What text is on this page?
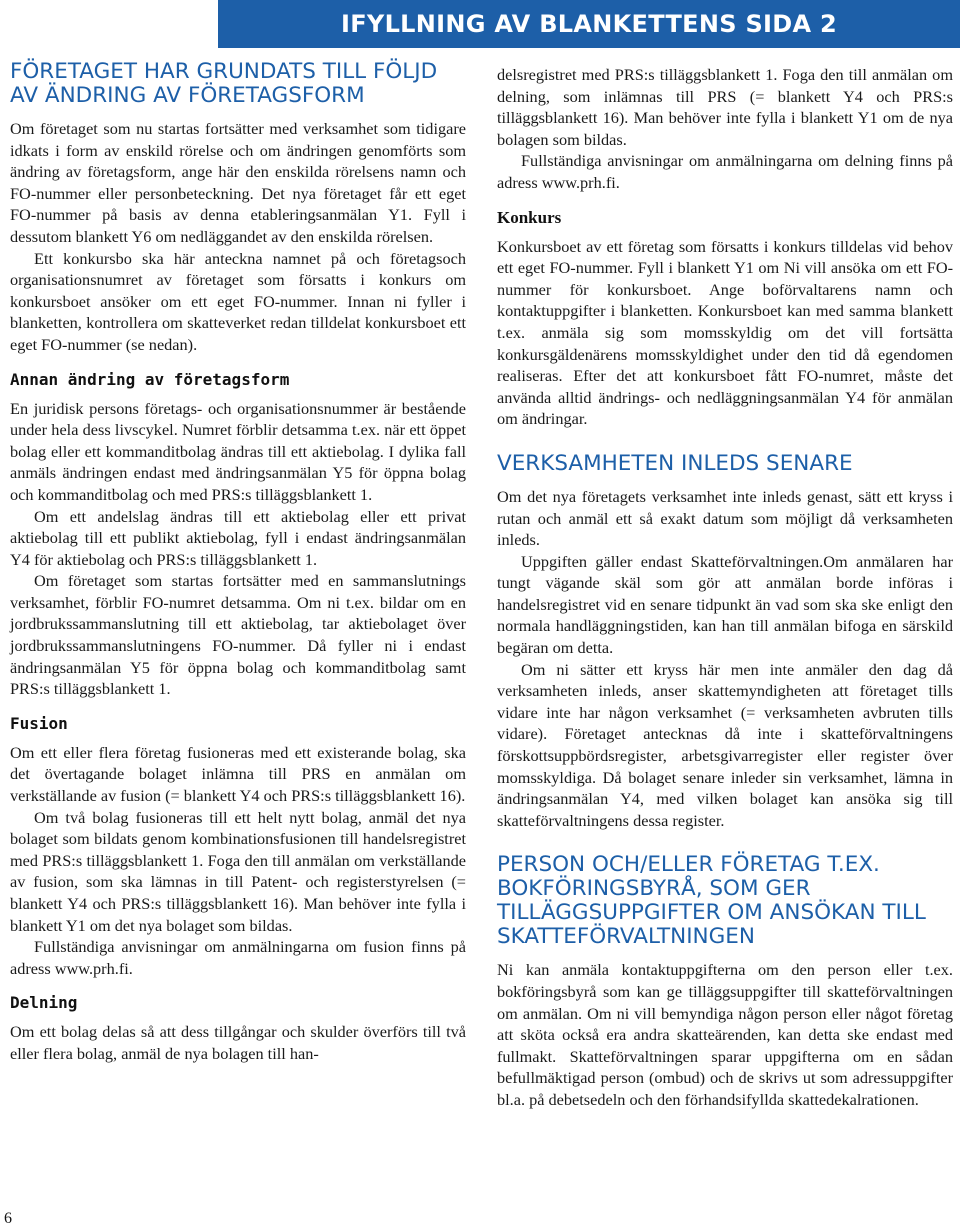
IFYLLNING AV BLANKETTENS SIDA 2
FÖRETAGET HAR GRUNDATS TILL FÖLJD AV ÄNDRING AV FÖRETAGSFORM

Om företaget som nu startas fortsätter med verksamhet som tidigare idkats i form av enskild rörelse och om ändringen genomförts som ändring av företagsform, ange här den enskilda rörelsens namn och FO-nummer eller personbeteckning. Det nya företaget får ett eget FO-nummer på basis av denna etableringsanmälan Y1. Fyll i dessutom blankett Y6 om nedläggandet av den enskilda rörelsen.

Ett konkursbo ska här anteckna namnet på och företagsoch organisationsnumret av företaget som försatts i konkurs om konkursboet ansöker om ett eget FO-nummer. Innan ni fyller i blanketten, kontrollera om skatteverket redan tilldelat konkursboet ett eget FO-nummer (se nedan).

Annan ändring av företagsform

En juridisk persons företags- och organisationsnummer är bestående under hela dess livscykel. Numret förblir detsamma t.ex. när ett öppet bolag eller ett kommanditbolag ändras till ett aktiebolag. I dylika fall anmäls ändringen endast med ändringsanmälan Y5 för öppna bolag och kommanditbolag och med PRS:s tilläggsblankett 1.

Om ett andelslag ändras till ett aktiebolag eller ett privat aktiebolag till ett publikt aktiebolag, fyll i endast ändringsanmälan Y4 för aktiebolag och PRS:s tilläggsblankett 1.

Om företaget som startas fortsätter med en sammanslutnings verksamhet, förblir FO-numret detsamma. Om ni t.ex. bildar om en jordbrukssammanslutning till ett aktiebolag, tar aktiebolaget över jordbrukssammanslutningens FO-nummer. Då fyller ni i endast ändringsanmälan Y5 för öppna bolag och kommanditbolag samt PRS:s tilläggsblankett 1.

Fusion

Om ett eller flera företag fusioneras med ett existerande bolag, ska det övertagande bolaget inlämna till PRS en anmälan om verkställande av fusion (= blankett Y4 och PRS:s tilläggsblankett 16).

Om två bolag fusioneras till ett helt nytt bolag, anmäl det nya bolaget som bildats genom kombinationsfusionen till handelsregistret med PRS:s tilläggsblankett 1. Foga den till anmälan om verkställande av fusion, som ska lämnas in till Patent- och registerstyrelsen (= blankett Y4 och PRS:s tilläggsblankett 16). Man behöver inte fylla i blankett Y1 om det nya bolaget som bildas.

Fullständiga anvisningar om anmälningarna om fusion finns på adress www.prh.fi.

Delning

Om ett bolag delas så att dess tillgångar och skulder överförs till två eller flera bolag, anmäl de nya bolagen till han-

delsregistret med PRS:s tilläggsblankett 1. Foga den till anmälan om delning, som inlämnas till PRS (= blankett Y4 och PRS:s tilläggsblankett 16). Man behöver inte fylla i blankett Y1 om de nya bolagen som bildas.

Fullständiga anvisningar om anmälningarna om delning finns på adress www.prh.fi.

Konkurs

Konkursboet av ett företag som försatts i konkurs tilldelas vid behov ett eget FO-nummer. Fyll i blankett Y1 om Ni vill ansöka om ett FO-nummer för konkursboet. Ange boförvaltarens namn och kontaktuppgifter i blanketten. Konkursboet kan med samma blankett t.ex. anmäla sig som momsskyldig om det vill fortsätta konkursgäldenärens momsskyldighet under den tid då egendomen realiseras. Efter det att konkursboet fått FO-numret, måste det använda alltid ändrings- och nedläggningsanmälan Y4 för anmälan om ändringar.

VERKSAMHETEN INLEDS SENARE

Om det nya företagets verksamhet inte inleds genast, sätt ett kryss i rutan och anmäl ett så exakt datum som möjligt då verksamheten inleds.

Uppgiften gäller endast Skatteförvaltningen.Om anmälaren har tungt vägande skäl som gör att anmälan borde införas i handelsregistret vid en senare tidpunkt än vad som ska ske enligt den normala handläggningstiden, kan han till anmälan bifoga en särskild begäran om detta.

Om ni sätter ett kryss här men inte anmäler den dag då verksamheten inleds, anser skattemyndigheten att företaget tills vidare inte har någon verksamhet (= verksamheten avbruten tills vidare). Företaget antecknas då inte i skatteförvaltningens förskottsuppbördsregister, arbetsgivarregister eller register över momsskyldiga. Då bolaget senare inleder sin verksamhet, lämna in ändringsanmälan Y4, med vilken bolaget kan ansöka sig till skatteförvaltningens dessa register.

PERSON OCH/ELLER FÖRETAG T.EX. BOKFÖRINGSBYRÅ, SOM GER TILLÄGGSUPPGIFTER OM ANSÖKAN TILL SKATTEFÖRVALTNINGEN

Ni kan anmäla kontaktuppgifterna om den person eller t.ex. bokföringsbyrå som kan ge tilläggsuppgifter till skatteförvaltningen om anmälan. Om ni vill bemyndiga någon person eller något företag att sköta också era andra skatteärenden, kan detta ske endast med fullmakt. Skatteförvaltningen sparar uppgifterna om en sådan befullmäktigad person (ombud) och de skrivs ut som adressuppgifter bl.a. på debetsedeln och den förhandsifyllda skattedekalrationen.

6
